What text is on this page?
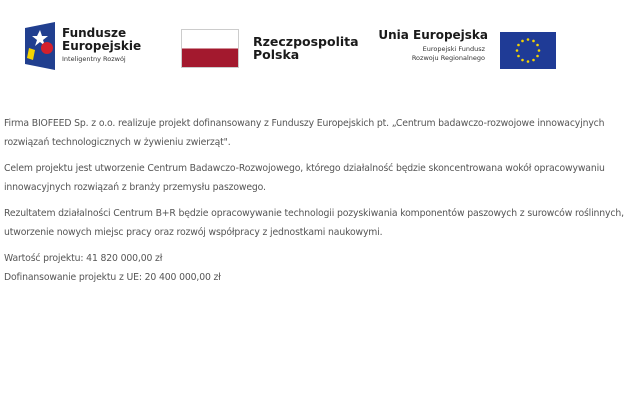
Fundusze
Europejskie
Inteligentny Rozwój
Rzeczpospolita
Polska
Unia Europejska
Europejski Fundusz
Rozwoju Regionalnego

Firma BIOFEED Sp. z o.o. realizuje projekt dofinansowany z Funduszy Europejskich pt. „Centrum badawczo-rozwojowe innowacyjnych rozwiązań technologicznych w żywieniu zwierząt".

Celem projektu jest utworzenie Centrum Badawczo-Rozwojowego, którego działalność będzie skoncentrowana wokół opracowywaniu innowacyjnych rozwiązań z branży przemysłu paszowego.

Rezultatem działalności Centrum B+R będzie opracowywanie technologii pozyskiwania komponentów paszowych z surowców roślinnych, utworzenie nowych miejsc pracy oraz rozwój współpracy z jednostkami naukowymi.

Wartość projektu: 41 820 000,00 zł

Dofinansowanie projektu z UE: 20 400 000,00 zł
